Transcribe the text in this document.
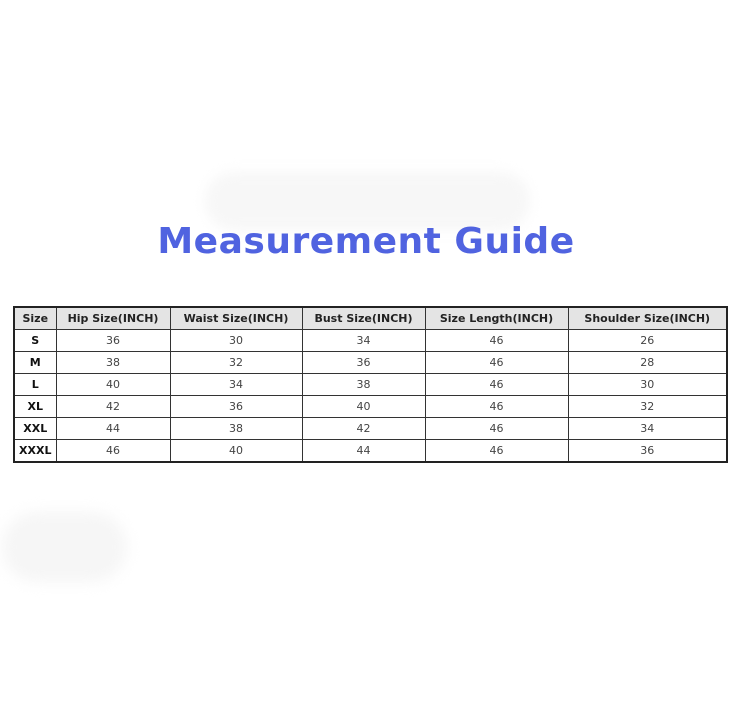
Measurement Guide
Size	Hip Size(INCH)	Waist Size(INCH)	Bust Size(INCH)	Size Length(INCH)	Shoulder Size(INCH)
S	36	30	34	46	26
M	38	32	36	46	28
L	40	34	38	46	30
XL	42	36	40	46	32
XXL	44	38	42	46	34
XXXL	46	40	44	46	36
